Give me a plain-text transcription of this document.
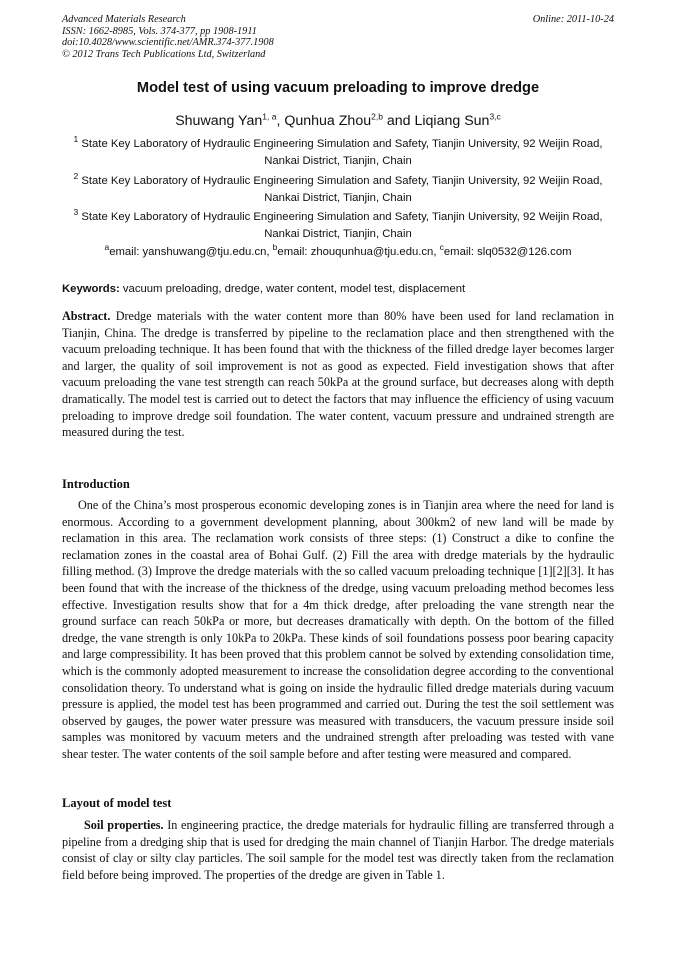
Advanced Materials Research
ISSN: 1662-8985, Vols. 374-377, pp 1908-1911
doi:10.4028/www.scientific.net/AMR.374-377.1908
© 2012 Trans Tech Publications Ltd, Switzerland
Online: 2011-10-24
Model test of using vacuum preloading to improve dredge
Shuwang Yan$^{1, a}$, Qunhua Zhou$^{2,b}$ and Liqiang Sun$^{3,c}$
$^1$ State Key Laboratory of Hydraulic Engineering Simulation and Safety, Tianjin University, 92 Weijin Road, Nankai District, Tianjin, Chain
$^2$ State Key Laboratory of Hydraulic Engineering Simulation and Safety, Tianjin University, 92 Weijin Road, Nankai District, Tianjin, Chain
$^3$ State Key Laboratory of Hydraulic Engineering Simulation and Safety, Tianjin University, 92 Weijin Road, Nankai District, Tianjin, Chain
$^a$email: yanshuwang@tju.edu.cn, $^b$email: zhouqunhua@tju.edu.cn, $^c$email: slq0532@126.com
Keywords: vacuum preloading, dredge, water content, model test, displacement
Abstract. Dredge materials with the water content more than 80% have been used for land reclamation in Tianjin, China. The dredge is transferred by pipeline to the reclamation place and then strengthened with the vacuum preloading technique. It has been found that with the thickness of the filled dredge layer becomes larger and larger, the quality of soil improvement is not as good as expected. Field investigation shows that after vacuum preloading the vane test strength can reach 50kPa at the ground surface, but decreases along with depth dramatically. The model test is carried out to detect the factors that may influence the efficiency of using vacuum preloading to improve dredge soil foundation. The water content, vacuum pressure and undrained strength are measured during the test.
Introduction
One of the China’s most prosperous economic developing zones is in Tianjin area where the need for land is enormous. According to a government development planning, about 300km2 of new land will be made by reclamation in this area. The reclamation work consists of three steps: (1) Construct a dike to confine the reclamation zones in the coastal area of Bohai Gulf. (2) Fill the area with dredge materials by the hydraulic filling method. (3) Improve the dredge materials with the so called vacuum preloading technique [1][2][3]. It has been found that with the increase of the thickness of the dredge, using vacuum preloading method becomes less effective. Investigation results show that for a 4m thick dredge, after preloading the vane strength near the ground surface can reach 50kPa or more, but decreases dramatically with depth. On the bottom of the filled dredge, the vane strength is only 10kPa to 20kPa. These kinds of soil foundations possess poor bearing capacity and large compressibility. It has been proved that this problem cannot be solved by extending consolidation time, which is the commonly adopted measurement to increase the consolidation degree according to the conventional consolidation theory. To understand what is going on inside the hydraulic filled dredge materials during vacuum pressure is applied, the model test has been programmed and carried out. During the test the soil settlement was observed by gauges, the power water pressure was measured with transducers, the vacuum pressure inside soil samples was monitored by vacuum meters and the undrained strength after preloading was tested with vane shear tester. The water contents of the soil sample before and after testing were measured and compared.
Layout of model test
Soil properties. In engineering practice, the dredge materials for hydraulic filling are transferred through a pipeline from a dredging ship that is used for dredging the main channel of Tianjin Harbor. The dredge materials consist of clay or silty clay particles. The soil sample for the model test was directly taken from the reclamation field before being improved. The properties of the dredge are given in Table 1.
